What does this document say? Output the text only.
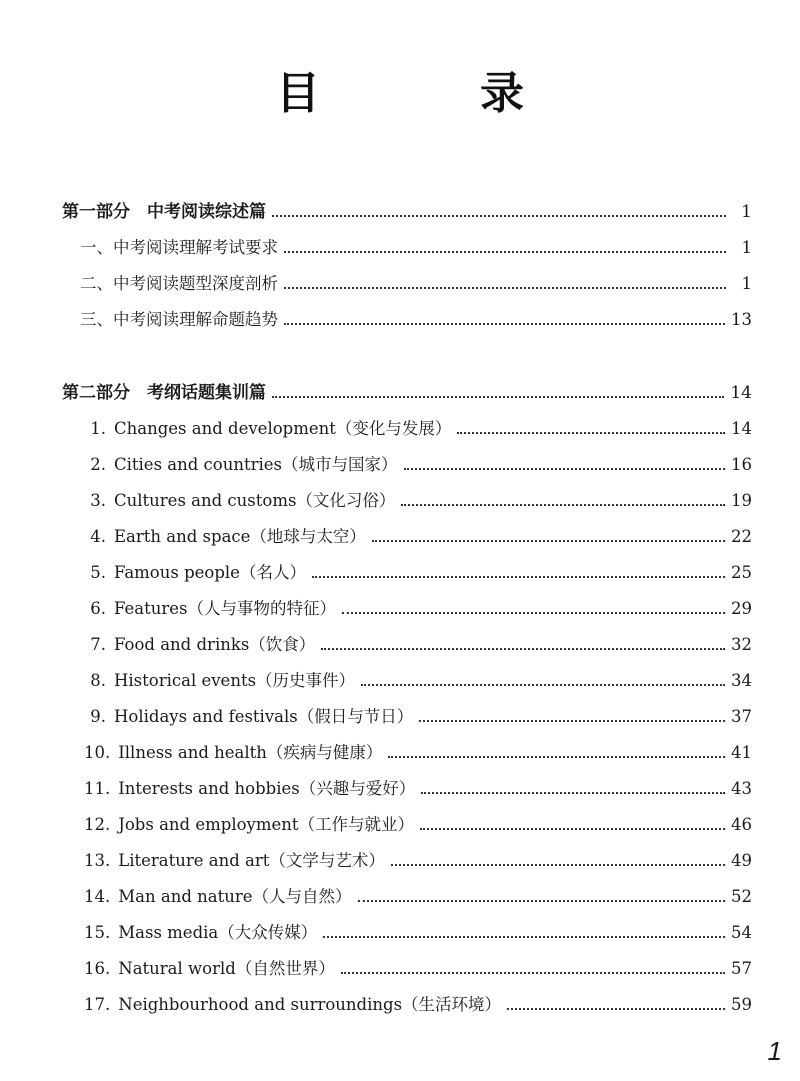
目　录
第一部分　中考阅读综述篇	1
一、中考阅读理解考试要求	1
二、中考阅读题型深度剖析	1
三、中考阅读理解命题趋势	13
第二部分　考纲话题集训篇	14
1. Changes and development（变化与发展）	14
2. Cities and countries（城市与国家）	16
3. Cultures and customs（文化习俗）	19
4. Earth and space（地球与太空）	22
5. Famous people（名人）	25
6. Features（人与事物的特征）	29
7. Food and drinks（饮食）	32
8. Historical events（历史事件）	34
9. Holidays and festivals（假日与节日）	37
10. Illness and health（疾病与健康）	41
11. Interests and hobbies（兴趣与爱好）	43
12. Jobs and employment（工作与就业）	46
13. Literature and art（文学与艺术）	49
14. Man and nature（人与自然）	52
15. Mass media（大众传媒）	54
16. Natural world（自然世界）	57
17. Neighbourhood and surroundings（生活环境）	59
1
